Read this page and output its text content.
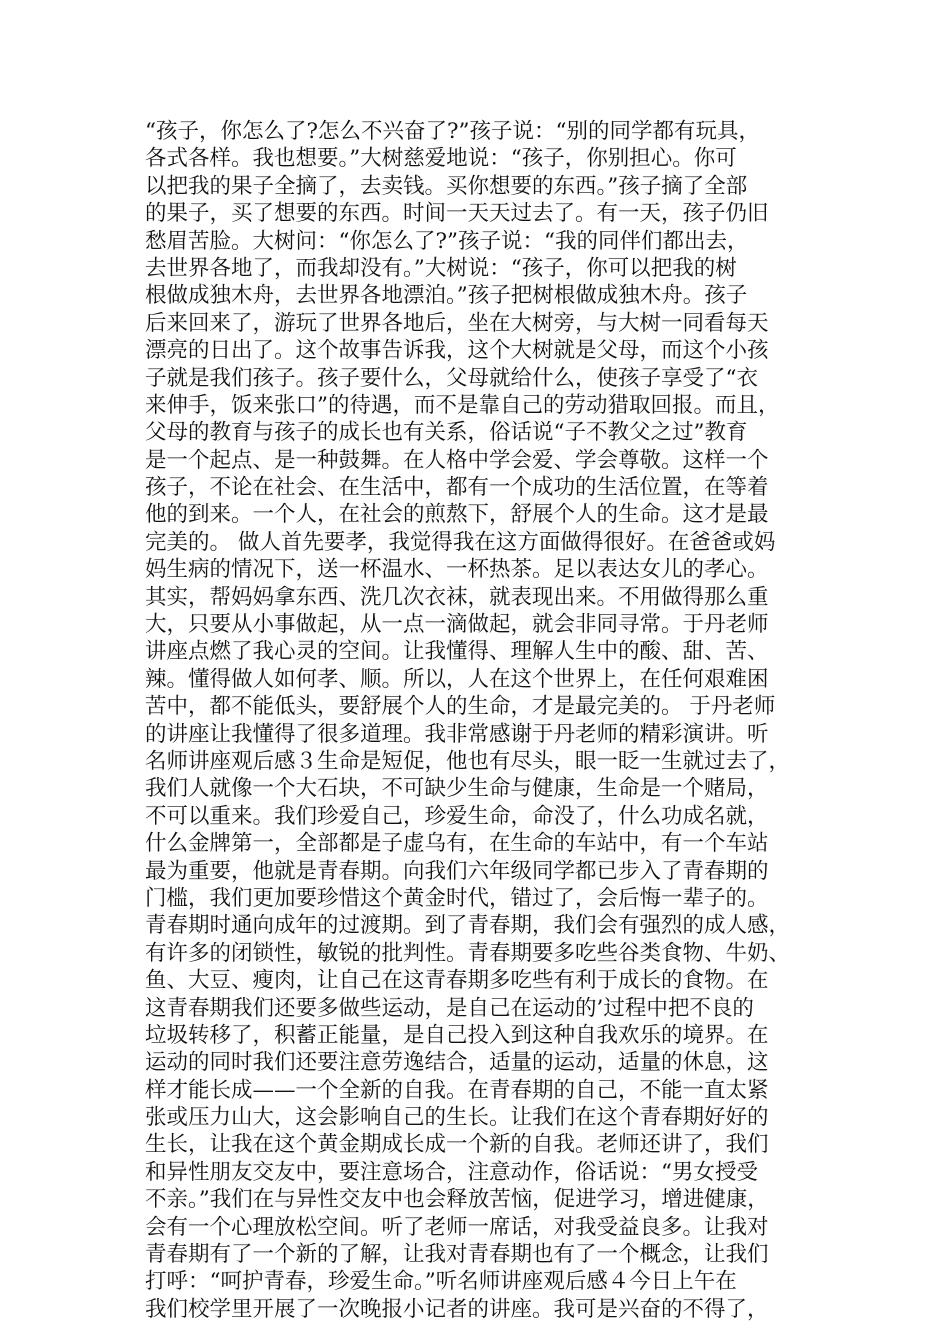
“孩子，你怎么了?怎么不兴奋了?”孩子说：“别的同学都有玩具，
各式各样。我也想要。”大树慈爱地说：“孩子，你别担心。你可
以把我的果子全摘了，去卖钱。买你想要的东西。”孩子摘了全部
的果子，买了想要的东西。时间一天天过去了。有一天，孩子仍旧
愁眉苦脸。大树问：“你怎么了?”孩子说：“我的同伴们都出去，
去世界各地了，而我却没有。”大树说：“孩子，你可以把我的树
根做成独木舟，去世界各地漂泊。”孩子把树根做成独木舟。孩子
后来回来了，游玩了世界各地后，坐在大树旁，与大树一同看每天
漂亮的日出了。这个故事告诉我，这个大树就是父母，而这个小孩
子就是我们孩子。孩子要什么，父母就给什么，使孩子享受了“衣
来伸手，饭来张口”的待遇，而不是靠自己的劳动猎取回报。而且，
父母的教育与孩子的成长也有关系，俗话说“子不教父之过”教育
是一个起点、是一种鼓舞。在人格中学会爱、学会尊敬。这样一个
孩子，不论在社会、在生活中，都有一个成功的生活位置，在等着
他的到来。一个人，在社会的煎熬下，舒展个人的生命。这才是最
完美的。 做人首先要孝，我觉得我在这方面做得很好。在爸爸或妈
妈生病的情况下，送一杯温水、一杯热茶。足以表达女儿的孝心。
其实，帮妈妈拿东西、洗几次衣袜，就表现出来。不用做得那么重
大，只要从小事做起，从一点一滴做起，就会非同寻常。于丹老师
讲座点燃了我心灵的空间。让我懂得、理解人生中的酸、甜、苦、
辣。懂得做人如何孝、顺。所以，人在这个世界上，在任何艰难困
苦中，都不能低头，要舒展个人的生命，才是最完美的。 于丹老师
的讲座让我懂得了很多道理。我非常感谢于丹老师的精彩演讲。听
名师讲座观后感３生命是短促，他也有尽头，眼一眨一生就过去了，
我们人就像一个大石块，不可缺少生命与健康，生命是一个赌局，
不可以重来。我们珍爱自己，珍爱生命，命没了，什么功成名就，
什么金牌第一，全部都是子虚乌有，在生命的车站中，有一个车站
最为重要，他就是青春期。向我们六年级同学都已步入了青春期的
门槛，我们更加要珍惜这个黄金时代，错过了，会后悔一辈子的。
青春期时通向成年的过渡期。到了青春期，我们会有强烈的成人感，
有许多的闭锁性，敏锐的批判性。青春期要多吃些谷类食物、牛奶、
鱼、大豆、瘦肉，让自己在这青春期多吃些有利于成长的食物。在
这青春期我们还要多做些运动，是自己在运动的’过程中把不良的
垃圾转移了，积蓄正能量，是自己投入到这种自我欢乐的境界。在
运动的同时我们还要注意劳逸结合，适量的运动，适量的休息，这
样才能长成——一个全新的自我。在青春期的自己，不能一直太紧
张或压力山大，这会影响自己的生长。让我们在这个青春期好好的
生长，让我在这个黄金期成长成一个新的自我。老师还讲了，我们
和异性朋友交友中，要注意场合，注意动作，俗话说：“男女授受
不亲。”我们在与异性交友中也会释放苦恼，促进学习，增进健康，
会有一个心理放松空间。听了老师一席话，对我受益良多。让我对
青春期有了一个新的了解，让我对青春期也有了一个概念，让我们
打呼：“呵护青春，珍爱生命。”听名师讲座观后感４今日上午在
我们校学里开展了一次晚报小记者的讲座。我可是兴奋的不得了，
